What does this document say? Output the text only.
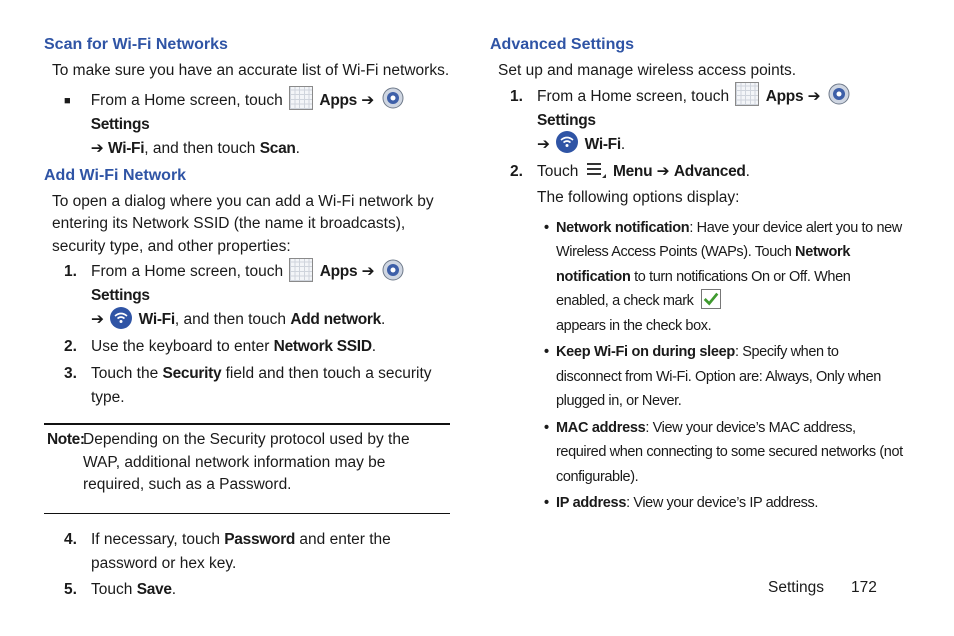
Scan for Wi-Fi Networks

To make sure you have an accurate list of Wi-Fi networks.

■	From a Home screen, touch Apps ➔  Settings
➔ Wi-Fi, and then touch Scan.
Add Wi-Fi Network

To open a dialog where you can add a Wi-Fi network by entering its Network SSID (the name it broadcasts), security type, and other properties:

1. From a Home screen, touch Apps ➔  Settings
➔ Wi-Fi, and then touch Add network.
2. Use the keyboard to enter Network SSID.
3. Touch the Security field and then touch a security type.
Note:
Depending on the Security protocol used by the WAP, additional network information may be required, such as a Password.
4. If necessary, touch Password and enter the password or hex key.
5. Touch Save.
Advanced Settings

Set up and manage wireless access points.

1. From a Home screen, touch Apps ➔  Settings
➔ Wi-Fi.
2. Touch Menu ➔ Advanced.
The following options display:
• Network notification: Have your device alert you to new Wireless Access Points (WAPs). Touch Network notification to turn notifications On or Off. When enabled, a check mark
appears in the check box.
• Keep Wi-Fi on during sleep: Specify when to disconnect from Wi-Fi. Option are: Always, Only when plugged in, or Never.
• MAC address: View your device’s MAC address, required when connecting to some secured networks (not configurable).
• IP address: View your device’s IP address.
Settings 172
